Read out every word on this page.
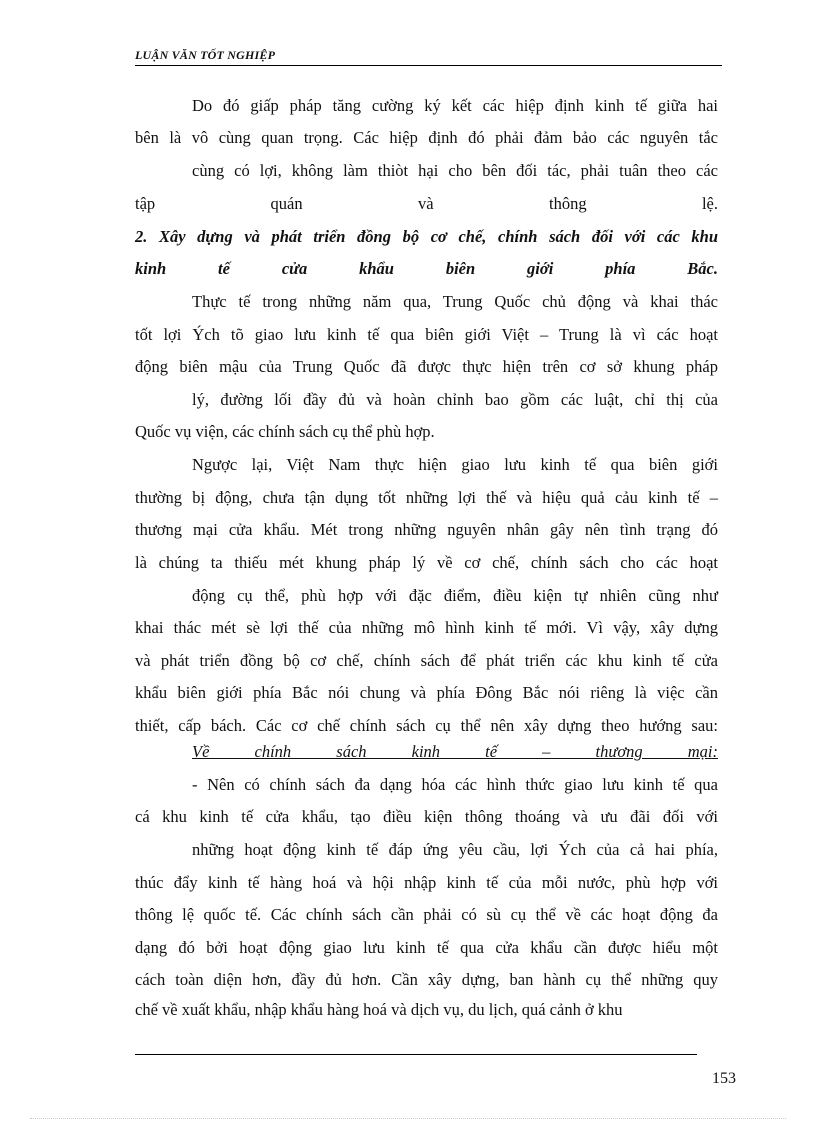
LUẬN VĂN TỐT NGHIỆP
Do đó giấp pháp tăng cường ký kết các hiệp định kinh tế giữa hai
bên là vô cùng quan trọng. Các hiệp định đó phải đảm bảo các nguyên tắc
cùng có lợi, không làm thiòt hại cho bên đối tác, phải tuân theo các
tập quán và thông lệ.
2. Xây dựng và phát triển đồng bộ cơ chế, chính sách đối với các khu
kinh tế cửa khẩu biên giới phía Bắc.
Thực tế trong những năm qua, Trung Quốc chủ động và khai thác
tốt lợi Ých tõ giao lưu kinh tế qua biên giới Việt – Trung là vì các hoạt
động biên mậu của Trung Quốc đã được thực hiện trên cơ sở khung pháp
lý, đường lối đầy đủ và hoàn chỉnh bao gồm các luật, chỉ thị của
Quốc vụ viện, các chính sách cụ thể phù hợp.
Ngược lại, Việt Nam thực hiện giao lưu kinh tế qua biên giới
thường bị động, chưa tận dụng tốt những lợi thế và hiệu quả cảu kinh tế –
thương mại cửa khẩu. Mét trong những nguyên nhân gây nên tình trạng đó
là chúng ta thiếu mét khung pháp lý về cơ chế, chính sách cho các hoạt
động cụ thể, phù hợp với đặc điểm, điều kiện tự nhiên cũng như
khai thác mét sè lợi thế của những mô hình kinh tế mới. Vì vậy, xây dựng
và phát triển đồng bộ cơ chế, chính sách để phát triển các khu kinh tế cửa
khẩu biên giới phía Bắc nói chung và phía Đông Bắc nói riêng là việc cần
thiết, cấp bách. Các cơ chế chính sách cụ thể nên xây dựng theo hướng sau:
Về chính sách kinh tế – thương mại:
- Nên có chính sách đa dạng hóa các hình thức giao lưu kinh tế qua
cá khu kinh tế cửa khẩu, tạo điều kiện thông thoáng và ưu đãi đối với
những hoạt động kinh tế đáp ứng yêu cầu, lợi Ých của cả hai phía,
thúc đẩy kinh tế hàng hoá và hội nhập kinh tế của mỗi nước, phù hợp với
thông lệ quốc tế. Các chính sách cần phải có sù cụ thể về các hoạt động đa
dạng đó bởi hoạt động giao lưu kinh tế qua cửa khẩu cần được hiểu một
cách toàn diện hơn, đầy đủ hơn. Cần xây dựng, ban hành cụ thể những quy
chế về xuất khẩu, nhập khẩu hàng hoá và dịch vụ, du lịch, quá cảnh ở khu
153
